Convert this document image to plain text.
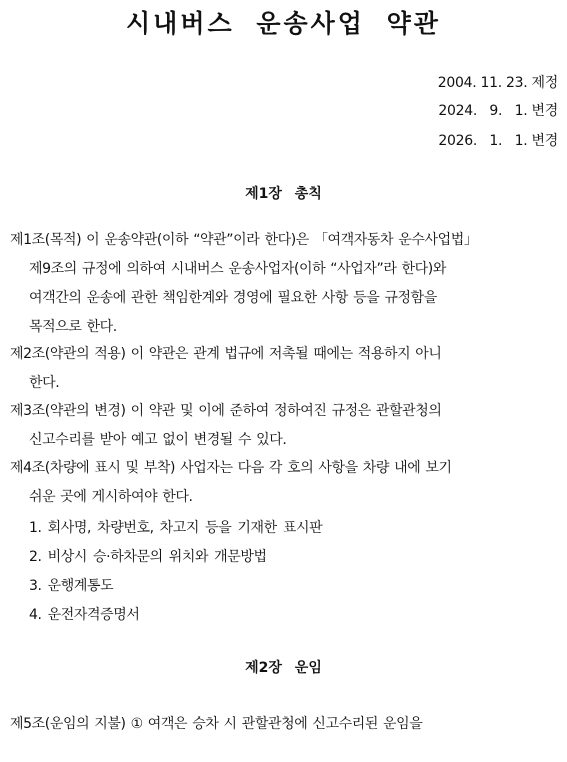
시내버스 운송사업 약관
2004. 11. 23. 제정
2024.   9.   1. 변경
2026.   1.   1. 변경
제1장 총칙
제1조(목적) 이 운송약관(이하 “약관”이라 한다)은 「여객자동차 운수사업법」
제9조의 규정에 의하여 시내버스 운송사업자(이하 “사업자”라 한다)와
여객간의 운송에 관한 책임한계와 경영에 필요한 사항 등을 규정함을
목적으로 한다.
제2조(약관의 적용) 이 약관은 관계 법규에 저촉될 때에는 적용하지 아니
한다.
제3조(약관의 변경) 이 약관 및 이에 준하여 정하여진 규정은 관할관청의
신고수리를 받아 예고 없이 변경될 수 있다.
제4조(차량에 표시 및 부착) 사업자는 다음 각 호의 사항을 차량 내에 보기
쉬운 곳에 게시하여야 한다.
1. 회사명, 차량번호, 차고지 등을 기재한 표시판
2. 비상시 승·하차문의 위치와 개문방법
3. 운행계통도
4. 운전자격증명서
제2장 운임
제5조(운임의 지불) ① 여객은 승차 시 관할관청에 신고수리된 운임을
